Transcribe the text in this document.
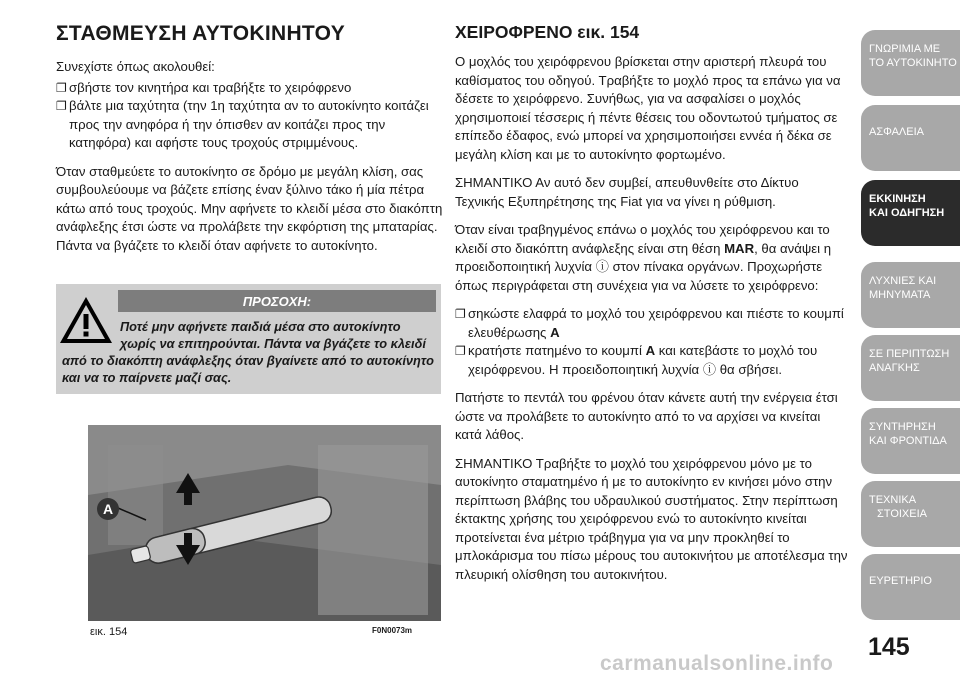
ΣΤΑΘΜΕΥΣΗ ΑΥΤΟΚΙΝΗΤΟΥ
Συνεχίστε όπως ακολουθεί:
❐ σβήστε τον κινητήρα και τραβήξτε το χειρόφρενο
❐ βάλτε μια ταχύτητα (την 1η ταχύτητα αν το αυτοκίνητο κοιτάζει προς την ανηφόρα ή την όπισθεν αν κοιτάζει προς την κατηφόρα) και αφήστε τους τροχούς στριμμένους.
Όταν σταθμεύετε το αυτοκίνητο σε δρόμο με μεγάλη κλίση, σας συμβουλεύουμε να βάζετε επίσης έναν ξύλινο τάκο ή μία πέτρα κάτω από τους τροχούς. Μην αφήνετε το κλειδί μέσα στο διακόπτη ανάφλεξης έτσι ώστε να προλάβετε την εκφόρτιση της μπαταρίας. Πάντα να βγάζετε το κλειδί όταν αφήνετε το αυτοκίνητο.
ΠΡΟΣΟΧΗ:
Ποτέ μην αφήνετε παιδιά μέσα στο αυτοκίνητο χωρίς να επιτηρούνται. Πάντα να βγάζετε το κλειδί
από το διακόπτη ανάφλεξης όταν βγαίνετε από το αυτοκίνητο και να το παίρνετε μαζί σας.
A
εικ. 154	F0N0073m
ΧΕΙΡΟΦΡΕΝΟ εικ. 154
Ο μοχλός του χειρόφρενου βρίσκεται στην αριστερή πλευρά του καθίσματος του οδηγού. Τραβήξτε το μοχλό προς τα επάνω για να δέσετε το χειρόφρενο. Συνήθως, για να ασφαλίσει ο μοχλός χρησιμοποιεί τέσσερις ή πέντε θέσεις του οδοντωτού τμήματος σε επίπεδο έδαφος, ενώ μπορεί να χρησιμοποιήσει εννέα ή δέκα σε μεγάλη κλίση και με το αυτοκίνητο φορτωμένο.
ΣΗΜΑΝΤΙΚΟ Αν αυτό δεν συμβεί, απευθυνθείτε στο Δίκτυο Τεχνικής Εξυπηρέτησης της Fiat για να γίνει η ρύθμιση.
Όταν είναι τραβηγμένος επάνω ο μοχλός του χειρόφρενου και το κλειδί στο διακόπτη ανάφλεξης είναι στη θέση MAR, θα ανάψει η προειδοποιητική λυχνία ⓘ στον πίνακα οργάνων. Προχωρήστε όπως περιγράφεται στη συνέχεια για να λύσετε το χειρόφρενο:
❐ σηκώστε ελαφρά το μοχλό του χειρόφρενου και πιέστε το κουμπί ελευθέρωσης A
❐ κρατήστε πατημένο το κουμπί A και κατεβάστε το μοχλό του χειρόφρενου. Η προειδοποιητική λυχνία ⓘ θα σβήσει.
Πατήστε το πεντάλ του φρένου όταν κάνετε αυτή την ενέργεια έτσι ώστε να προλάβετε το αυτοκίνητο από το να αρχίσει να κινείται κατά λάθος.
ΣΗΜΑΝΤΙΚΟ Τραβήξτε το μοχλό του χειρόφρενου μόνο με το αυτοκίνητο σταματημένο ή με το αυτοκίνητο εν κινήσει μόνο στην περίπτωση βλάβης του υδραυλικού συστήματος. Στην περίπτωση έκτακτης χρήσης του χειρόφρενου ενώ το αυτοκίνητο κινείται προτείνεται ένα μέτριο τράβηγμα για να μην προκληθεί το μπλοκάρισμα του πίσω μέρους του αυτοκινήτου με αποτέλεσμα την πλευρική ολίσθηση του αυτοκινήτου.
ΓΝΩΡΙΜΙΑ ΜΕ
ΤΟ ΑΥΤΟΚΙΝΗΤΟ
ΑΣΦΑΛΕΙΑ
ΕΚΚΙΝΗΣΗ
ΚΑΙ ΟΔΗΓΗΣΗ
ΛΥΧΝΙΕΣ ΚΑΙ
ΜΗΝΥΜΑΤΑ
ΣΕ ΠΕΡΙΠΤΩΣΗ
ΑΝΑΓΚΗΣ
ΣΥΝΤΗΡΗΣΗ
ΚΑΙ ΦΡΟΝΤΙΔΑ
ΤΕΧΝΙΚΑ
ΣΤΟΙΧΕΙΑ
ΕΥΡΕΤΗΡΙΟ
145
carmanualsonline.info
